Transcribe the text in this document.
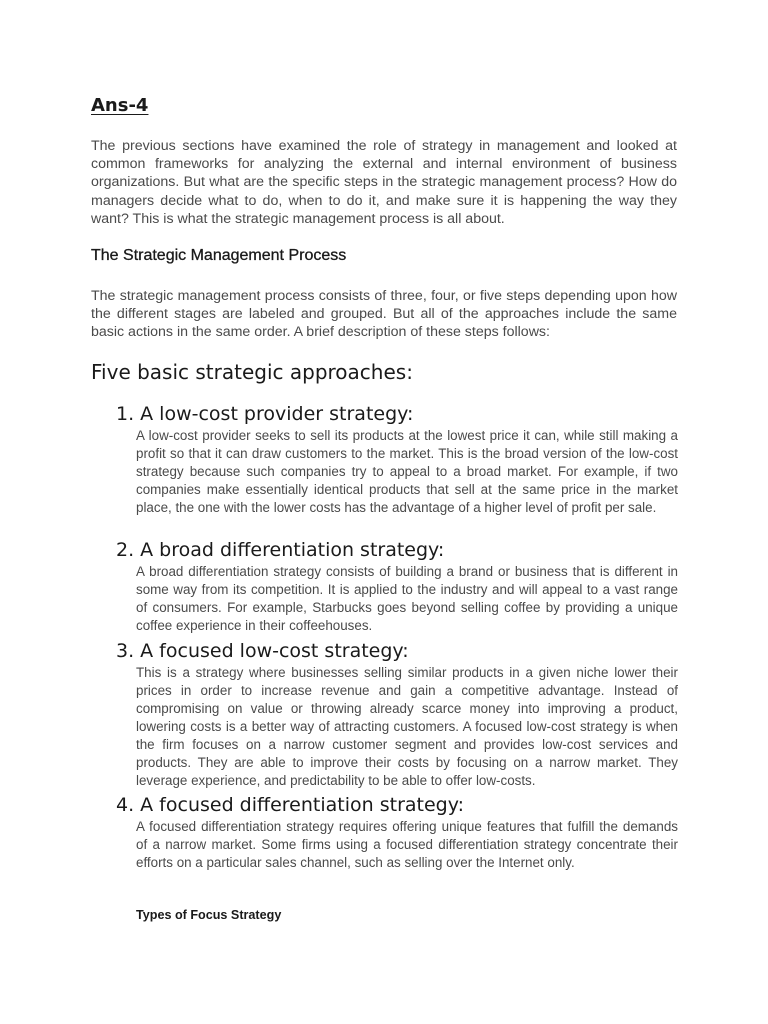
Ans-4

The previous sections have examined the role of strategy in management and looked at common frameworks for analyzing the external and internal environment of business organizations. But what are the specific steps in the strategic management process? How do managers decide what to do, when to do it, and make sure it is happening the way they want? This is what the strategic management process is all about.

The Strategic Management Process

The strategic management process consists of three, four, or five steps depending upon how the different stages are labeled and grouped. But all of the approaches include the same basic actions in the same order. A brief description of these steps follows:

Five basic strategic approaches:
1. A low-cost provider strategy:

A low-cost provider seeks to sell its products at the lowest price it can, while still making a profit so that it can draw customers to the market. This is the broad version of the low-cost strategy because such companies try to appeal to a broad market. For example, if two companies make essentially identical products that sell at the same price in the market place, the one with the lower costs has the advantage of a higher level of profit per sale.

2. A broad differentiation strategy:

A broad differentiation strategy consists of building a brand or business that is different in some way from its competition. It is applied to the industry and will appeal to a vast range of consumers. For example, Starbucks goes beyond selling coffee by providing a unique coffee experience in their coffeehouses.

3. A focused low-cost strategy:

This is a strategy where businesses selling similar products in a given niche lower their prices in order to increase revenue and gain a competitive advantage. Instead of compromising on value or throwing already scarce money into improving a product, lowering costs is a better way of attracting customers. A focused low-cost strategy is when the firm focuses on a narrow customer segment and provides low-cost services and products. They are able to improve their costs by focusing on a narrow market. They leverage experience, and predictability to be able to offer low-costs.

4. A focused differentiation strategy:

A focused differentiation strategy requires offering unique features that fulfill the demands of a narrow market. Some firms using a focused differentiation strategy concentrate their efforts on a particular sales channel, such as selling over the Internet only.

Types of Focus Strategy
